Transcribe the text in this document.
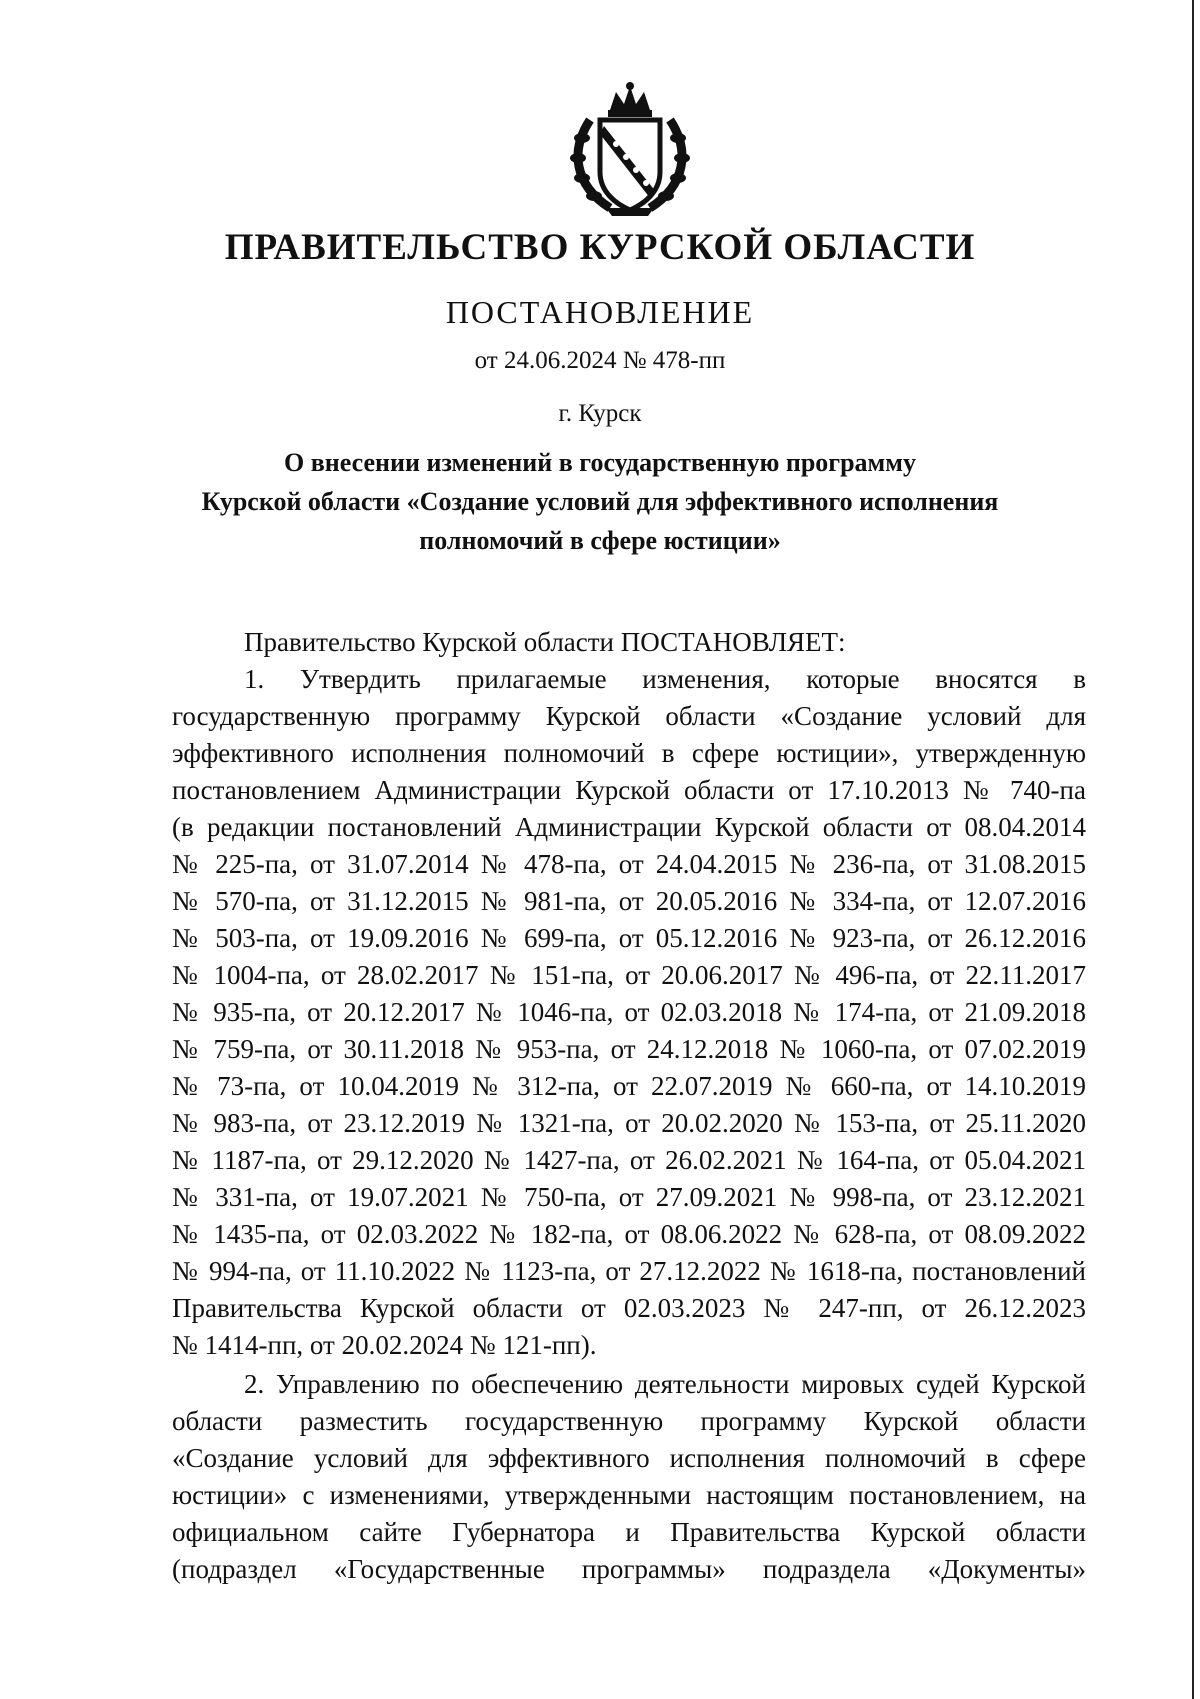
ПРАВИТЕЛЬСТВО КУРСКОЙ ОБЛАСТИ
ПОСТАНОВЛЕНИЕ
от 24.06.2024 № 478-пп
г. Курск
О внесении изменений в государственную программу
Курской области «Создание условий для эффективного исполнения
полномочий в сфере юстиции»
Правительство Курской области ПОСТАНОВЛЯЕТ:
1. Утвердить прилагаемые изменения, которые вносятся в
государственную программу Курской области «Создание условий для
эффективного исполнения полномочий в сфере юстиции», утвержденную
постановлением Администрации Курской области от 17.10.2013 № 740-па
(в редакции постановлений Администрации Курской области от 08.04.2014
№ 225-па, от 31.07.2014 № 478-па, от 24.04.2015 № 236-па, от 31.08.2015
№ 570-па, от 31.12.2015 № 981-па, от 20.05.2016 № 334-па, от 12.07.2016
№ 503-па, от 19.09.2016 № 699-па, от 05.12.2016 № 923-па, от 26.12.2016
№ 1004-па, от 28.02.2017 № 151-па, от 20.06.2017 № 496-па, от 22.11.2017
№ 935-па, от 20.12.2017 № 1046-па, от 02.03.2018 № 174-па, от 21.09.2018
№ 759-па, от 30.11.2018 № 953-па, от 24.12.2018 № 1060-па, от 07.02.2019
№ 73-па, от 10.04.2019 № 312-па, от 22.07.2019 № 660-па, от 14.10.2019
№ 983-па, от 23.12.2019 № 1321-па, от 20.02.2020 № 153-па, от 25.11.2020
№ 1187-па, от 29.12.2020 № 1427-па, от 26.02.2021 № 164-па, от 05.04.2021
№ 331-па, от 19.07.2021 № 750-па, от 27.09.2021 № 998-па, от 23.12.2021
№ 1435-па, от 02.03.2022 № 182-па, от 08.06.2022 № 628-па, от 08.09.2022
№ 994-па, от 11.10.2022 № 1123-па, от 27.12.2022 № 1618-па, постановлений
Правительства Курской области от 02.03.2023 № 247-пп, от 26.12.2023
№ 1414-пп, от 20.02.2024 № 121-пп).
2. Управлению по обеспечению деятельности мировых судей Курской
области разместить государственную программу Курской области
«Создание условий для эффективного исполнения полномочий в сфере
юстиции» с изменениями, утвержденными настоящим постановлением, на
официальном сайте Губернатора и Правительства Курской области
(подраздел «Государственные программы» подраздела «Документы»
